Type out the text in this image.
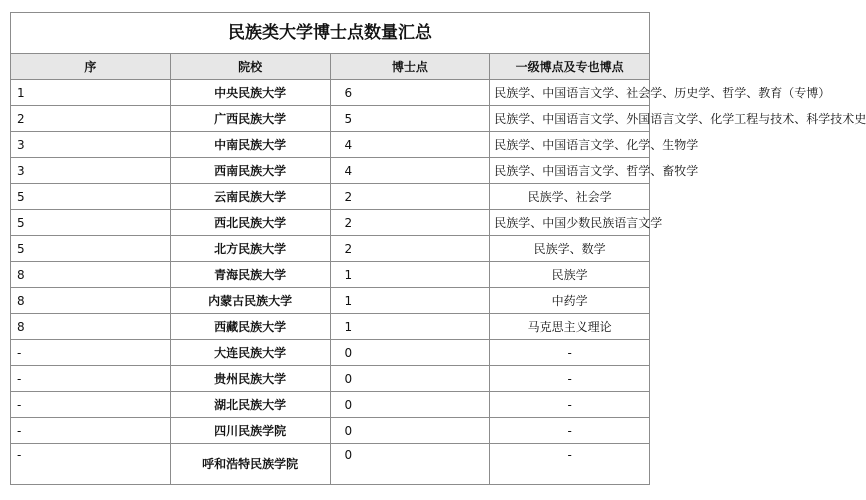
民族类大学博士点数量汇总			
序	院校	博士点	一级博点及专也博点
1	中央民族大学	6	民族学、中国语言文学、社会学、历史学、哲学、教育（专博）
2	广西民族大学	5	民族学、中国语言文学、外国语言文学、化学工程与技术、科学技术史
3	中南民族大学	4	民族学、中国语言文学、化学、生物学
3	西南民族大学	4	民族学、中国语言文学、哲学、畜牧学
5	云南民族大学	2	民族学、社会学
5	西北民族大学	2	民族学、中国少数民族语言文学
5	北方民族大学	2	民族学、数学
8	青海民族大学	1	民族学
8	内蒙古民族大学	1	中药学
8	西藏民族大学	1	马克思主义理论
-	大连民族大学	0	-
-	贵州民族大学	0	-
-	湖北民族大学	0	-
-	四川民族学院	0	-
-	呼和浩特民族学院	0	-
